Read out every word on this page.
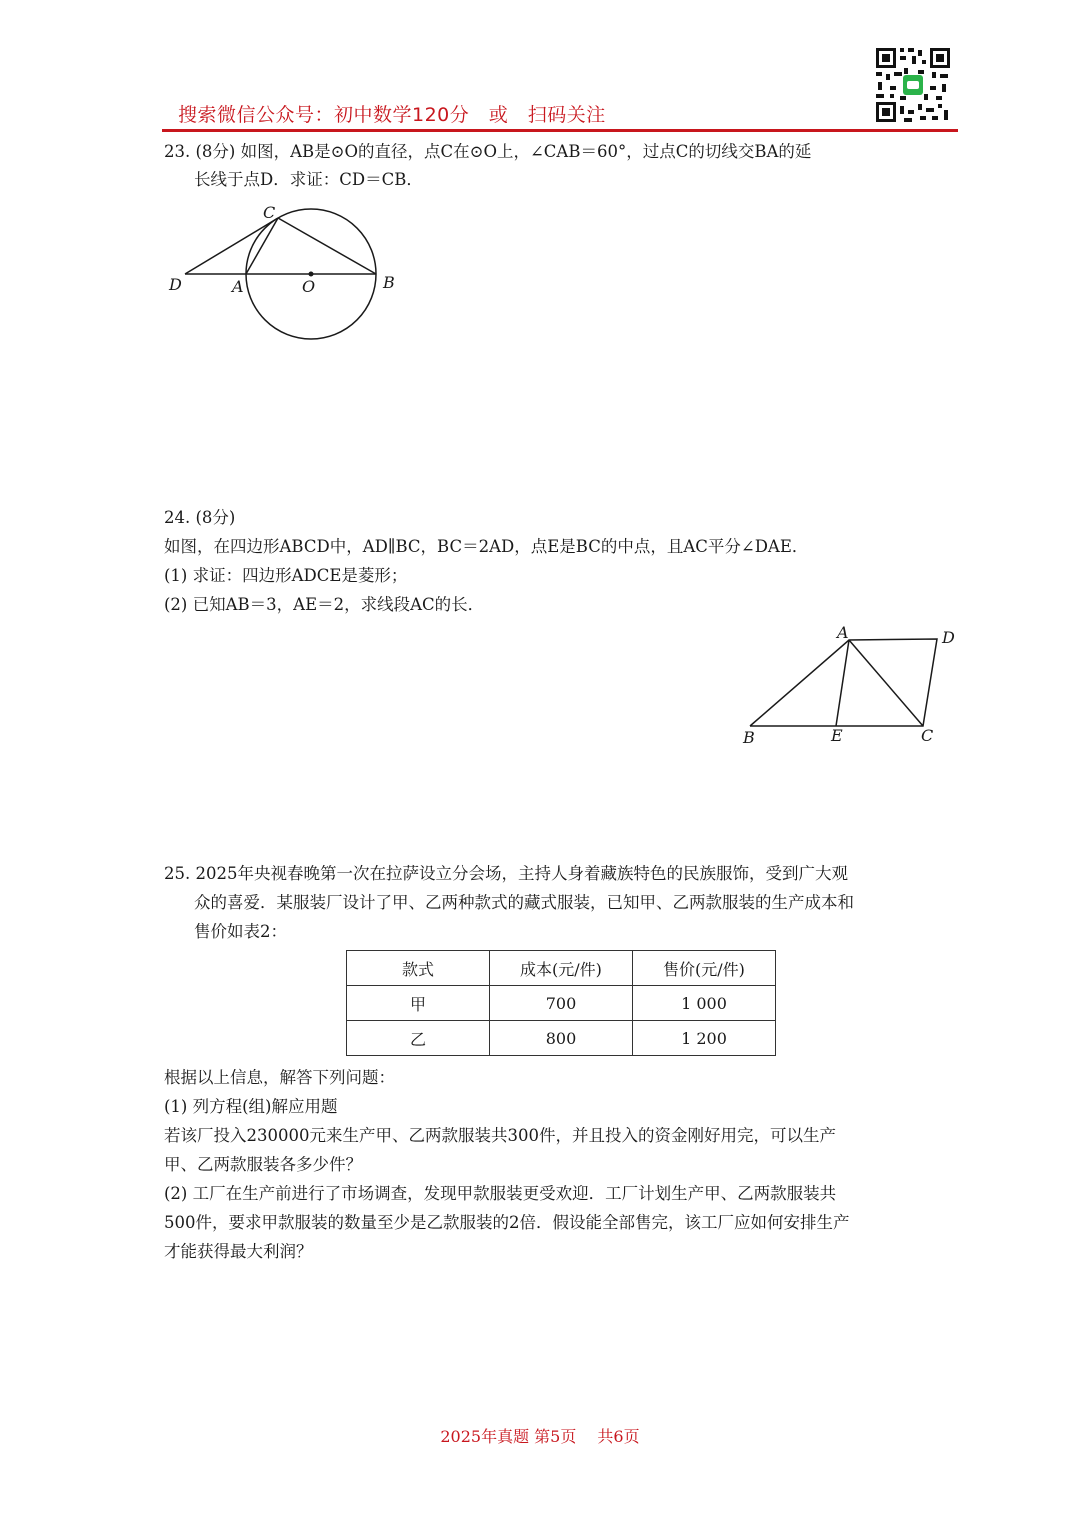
搜索微信公众号：初中数学120分　或　扫码关注
23. (8分) 如图，AB是⊙O的直径，点C在⊙O上，∠CAB＝60°，过点C的切线交BA的延
长线于点D．求证：CD＝CB．
C
D	A	O	B
24. (8分)
如图，在四边形ABCD中，AD∥BC，BC＝2AD，点E是BC的中点，且AC平分∠DAE．
(1) 求证：四边形ADCE是菱形；
(2) 已知AB＝3，AE＝2，求线段AC的长．
A	D
B	E	C
25. 2025年央视春晚第一次在拉萨设立分会场，主持人身着藏族特色的民族服饰，受到广大观
众的喜爱．某服装厂设计了甲、乙两种款式的藏式服装，已知甲、乙两款服装的生产成本和
售价如表2：
款式	成本(元/件)	售价(元/件)
甲	700	1 000
乙	800	1 200
根据以上信息，解答下列问题：
(1) 列方程(组)解应用题
若该厂投入230000元来生产甲、乙两款服装共300件，并且投入的资金刚好用完，可以生产
甲、乙两款服装各多少件？
(2) 工厂在生产前进行了市场调查，发现甲款服装更受欢迎．工厂计划生产甲、乙两款服装共
500件，要求甲款服装的数量至少是乙款服装的2倍．假设能全部售完，该工厂应如何安排生产
才能获得最大利润？
2025年真题 第5页　 共6页
